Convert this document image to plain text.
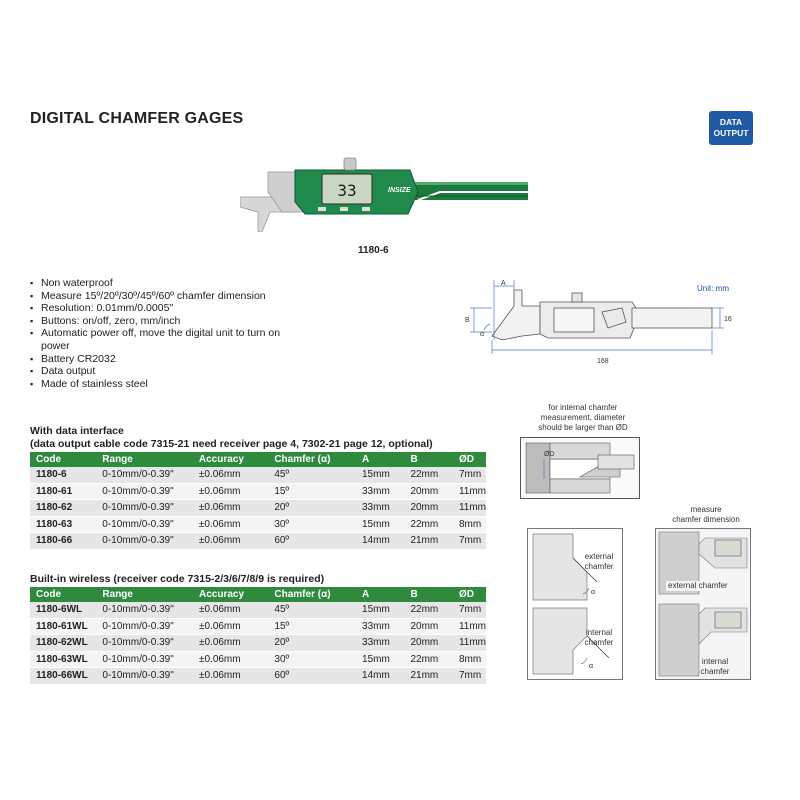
DIGITAL CHAMFER GAGES	DATA
OUTPUT
33	INSIZE
1180-6
▪ Non waterproof
▪ Measure 15º/20º/30º/45º/60º chamfer dimension
▪ Resolution: 0.01mm/0.0005"
▪ Buttons: on/off, zero, mm/inch
▪ Automatic power off, move the digital unit to turn on power
▪ Battery CR2032
▪ Data output
▪ Made of stainless steel
Unit: mm
A
B
α
16
168
for internal chamfer
measurement, diameter
should be larger than ØD
ØD
α
α
external
chamfer
internal
chamfer
measure
chamfer dimension
external chamfer
internal
chamfer
With data interface
(data output cable code 7315-21 need receiver page 4, 7302-21 page 12, optional)
Code	Range	Accuracy	Chamfer (α)	A	B	ØD
1180-6	0-10mm/0-0.39"	±0.06mm	45º	15mm	22mm	7mm
1180-61	0-10mm/0-0.39"	±0.06mm	15º	33mm	20mm	11mm
1180-62	0-10mm/0-0.39"	±0.06mm	20º	33mm	20mm	11mm
1180-63	0-10mm/0-0.39"	±0.06mm	30º	15mm	22mm	8mm
1180-66	0-10mm/0-0.39"	±0.06mm	60º	14mm	21mm	7mm
Built-in wireless (receiver code 7315-2/3/6/7/8/9 is required)
Code	Range	Accuracy	Chamfer (α)	A	B	ØD
1180-6WL	0-10mm/0-0.39"	±0.06mm	45º	15mm	22mm	7mm
1180-61WL	0-10mm/0-0.39"	±0.06mm	15º	33mm	20mm	11mm
1180-62WL	0-10mm/0-0.39"	±0.06mm	20º	33mm	20mm	11mm
1180-63WL	0-10mm/0-0.39"	±0.06mm	30º	15mm	22mm	8mm
1180-66WL	0-10mm/0-0.39"	±0.06mm	60º	14mm	21mm	7mm
